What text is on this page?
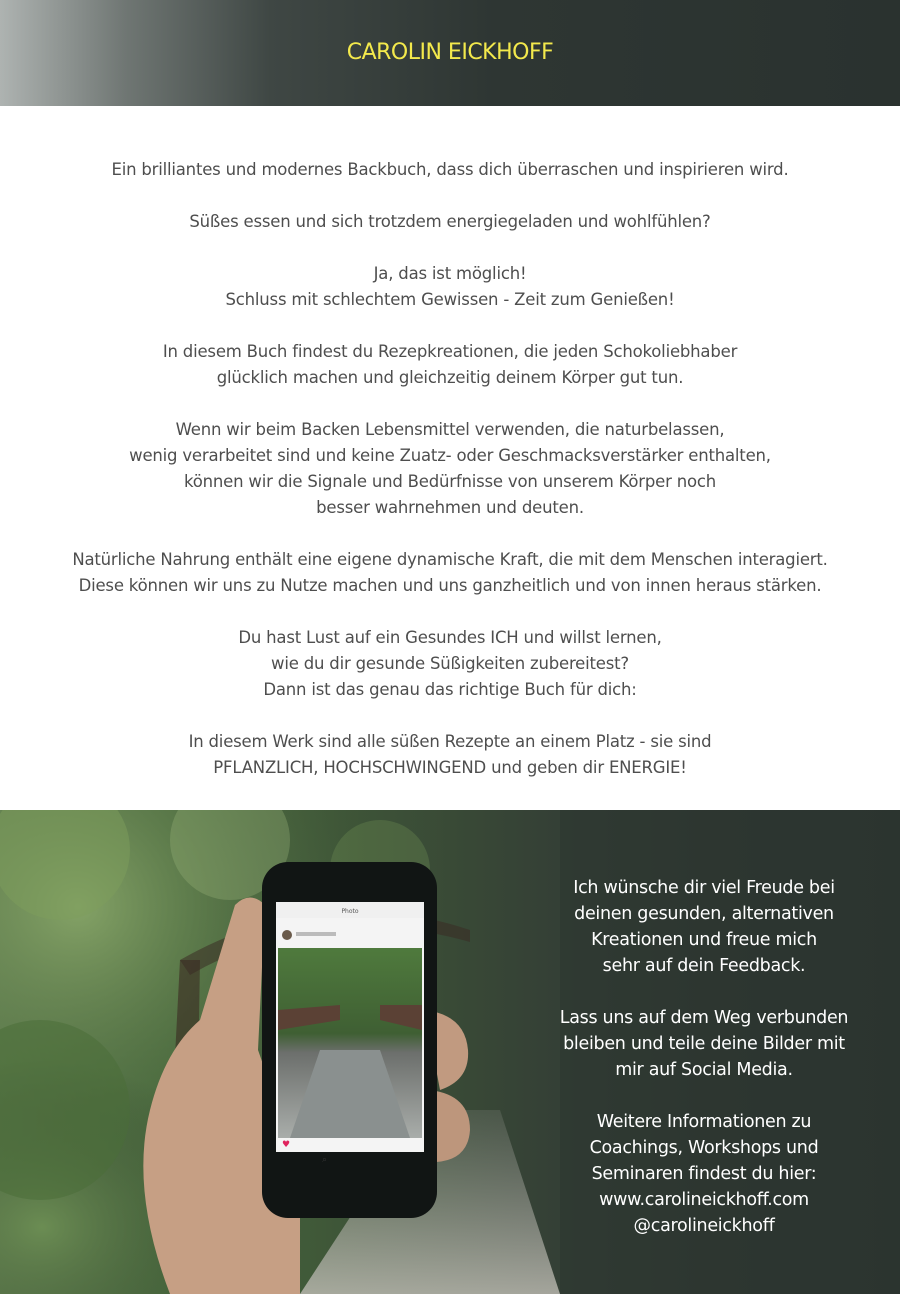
CAROLIN EICKHOFF

Ein brilliantes und modernes Backbuch, dass dich überraschen und inspirieren wird.

Süßes essen und sich trotzdem energiegeladen und wohlfühlen?

Ja, das ist möglich!
Schluss mit schlechtem Gewissen - Zeit zum Genießen!

In diesem Buch findest du Rezepkreationen, die jeden Schokoliebhaber
glücklich machen und gleichzeitig deinem Körper gut tun.

Wenn wir beim Backen Lebensmittel verwenden, die naturbelassen,
wenig verarbeitet sind und keine Zuatz- oder Geschmacksverstärker enthalten,
können wir die Signale und Bedürfnisse von unserem Körper noch
besser wahrnehmen und deuten.

Natürliche Nahrung enthält eine eigene dynamische Kraft, die mit dem Menschen interagiert.
Diese können wir uns zu Nutze machen und uns ganzheitlich und von innen heraus stärken.

Du hast Lust auf ein Gesundes ICH und willst lernen,
wie du dir gesunde Süßigkeiten zubereitest?
Dann ist das genau das richtige Buch für dich:

In diesem Werk sind alle süßen Rezepte an einem Platz - sie sind
PFLANZLICH, HOCHSCHWINGEND und geben dir ENERGIE!

Photo
♥
⌕

Ich wünsche dir viel Freude bei
deinen gesunden, alternativen
Kreationen und freue mich
sehr auf dein Feedback.

Lass uns auf dem Weg verbunden
bleiben und teile deine Bilder mit
mir auf Social Media.

Weitere Informationen zu
Coachings, Workshops und
Seminaren findest du hier:
www.carolineickhoff.com
@carolineickhoff
